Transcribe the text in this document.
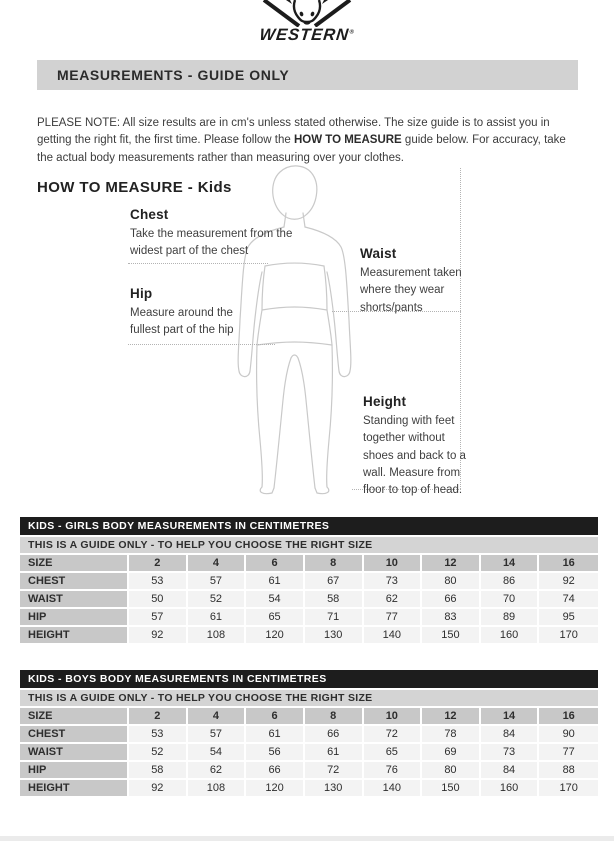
WESTERN®
MEASUREMENTS - GUIDE ONLY

PLEASE NOTE: All size results are in cm's unless stated otherwise. The size guide is to assist you in getting the right fit, the first time. Please follow the HOW TO MEASURE guide below. For accuracy, take the actual body measurements rather than measuring over your clothes.

HOW TO MEASURE - Kids
Chest

Take the measurement from the widest part of the chest

Hip

Measure around the fullest part of the hip

Waist

Measurement taken where they wear shorts/pants

Height

Standing with feet together without shoes and back to a wall. Measure from floor to top of head.

KIDS - GIRLS BODY MEASUREMENTS IN CENTIMETRES								
THIS IS A GUIDE ONLY - TO HELP YOU CHOOSE THE RIGHT SIZE								
SIZE	2	4	6	8	10	12	14	16
CHEST	53	57	61	67	73	80	86	92
WAIST	50	52	54	58	62	66	70	74
HIP	57	61	65	71	77	83	89	95
HEIGHT	92	108	120	130	140	150	160	170
KIDS - BOYS BODY MEASUREMENTS IN CENTIMETRES								
THIS IS A GUIDE ONLY - TO HELP YOU CHOOSE THE RIGHT SIZE								
SIZE	2	4	6	8	10	12	14	16
CHEST	53	57	61	66	72	78	84	90
WAIST	52	54	56	61	65	69	73	77
HIP	58	62	66	72	76	80	84	88
HEIGHT	92	108	120	130	140	150	160	170
